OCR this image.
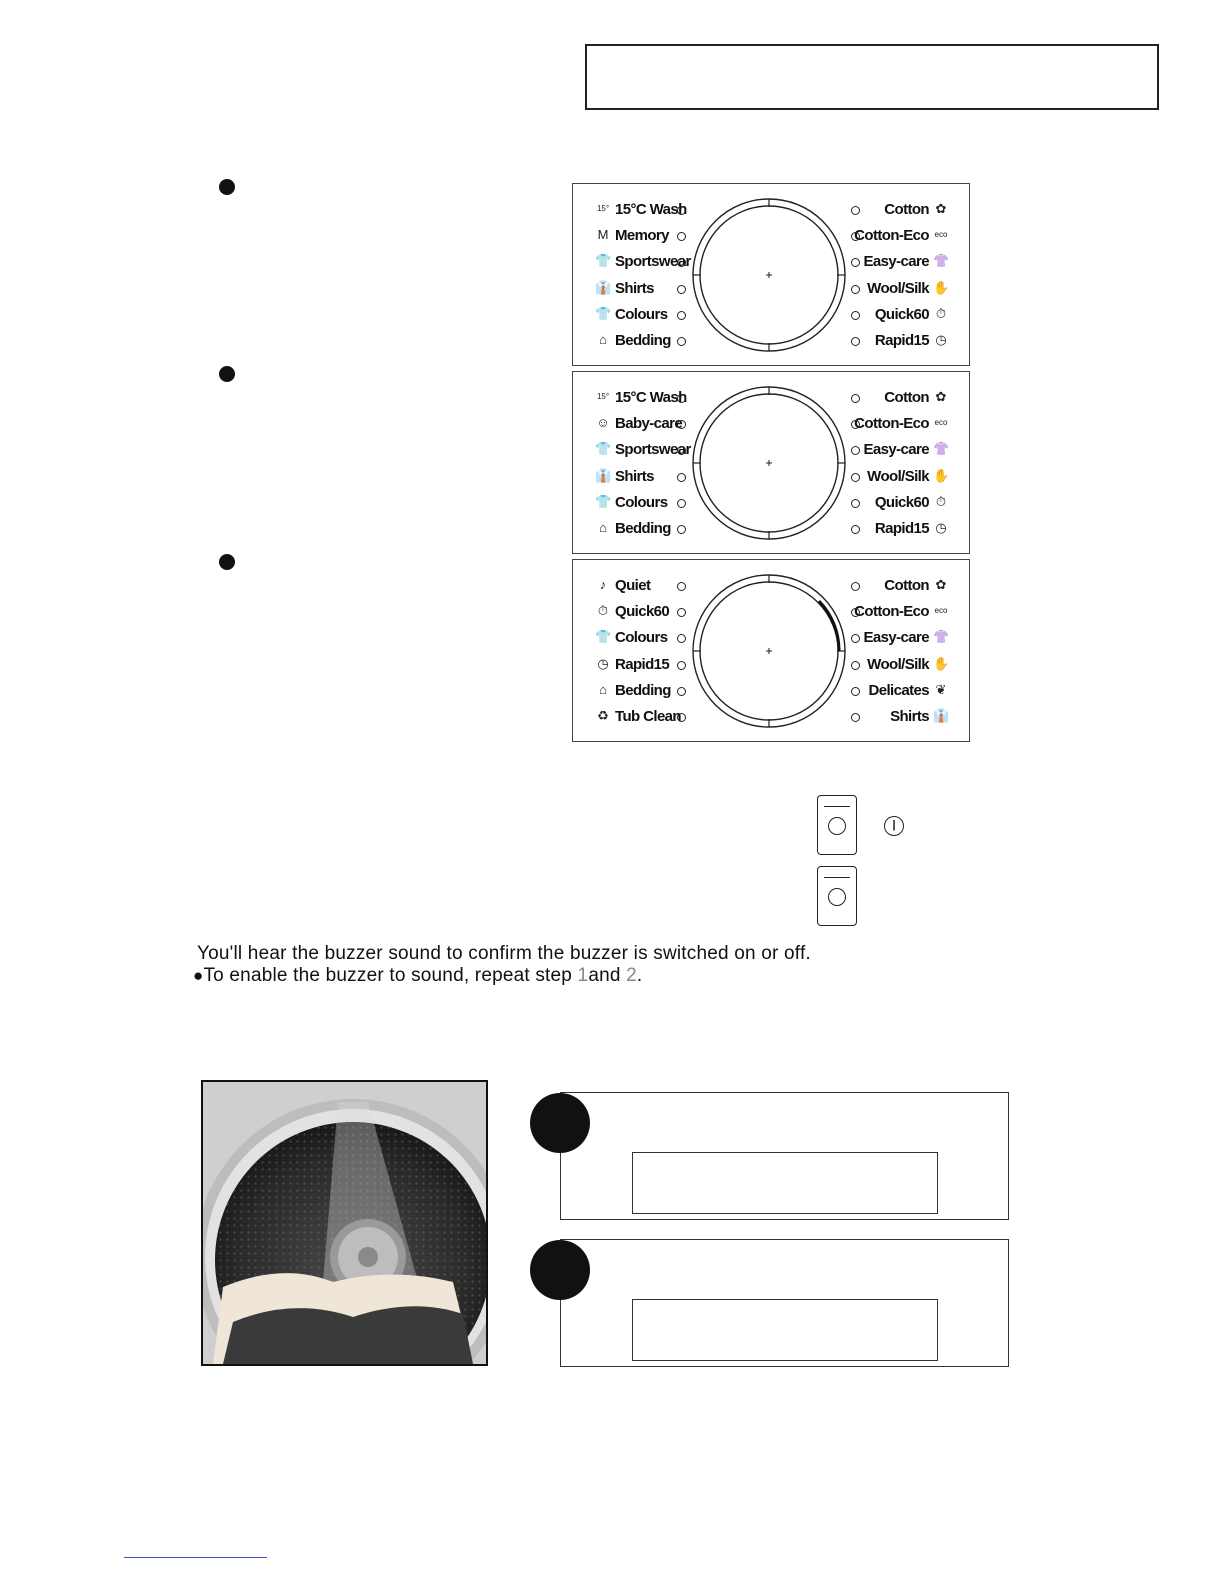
15° 15°C Wash
M Memory
👕 Sportswear
👔 Shirts
👕 Colours
⌂ Bedding
✿
Cotton
eco
Cotton-Eco
👚
Easy-care
✋
Wool/Silk
⏱
Quick60
◷
Rapid15
15° 15°C Wash
☺ Baby-care
👕 Sportswear
👔 Shirts
👕 Colours
⌂ Bedding
✿
Cotton
eco
Cotton-Eco
👚
Easy-care
✋
Wool/Silk
⏱
Quick60
◷
Rapid15
♪ Quiet
⏱ Quick60
👕 Colours
◷ Rapid15
⌂ Bedding
♻ Tub Clean
✿
Cotton
eco
Cotton-Eco
👚
Easy-care
✋
Wool/Silk
❦
Delicates
👔
Shirts
|
You'll hear the buzzer sound to confirm the buzzer is switched on or off.
●To enable the buzzer to sound, repeat step 1and 2.
